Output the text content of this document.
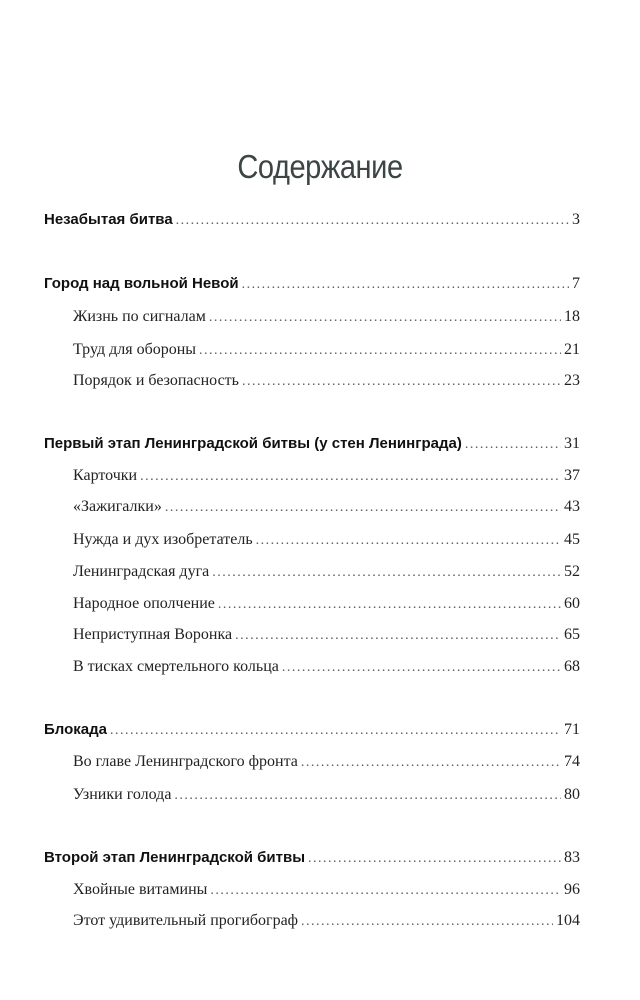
Содержание
Незабытая битва . . .	3
Город над вольной Невой . . .	7
Жизнь по сигналам . . .	18
Труд для обороны . . .	21
Порядок и безопасность . . .	23
Первый этап Ленинградской битвы (у стен Ленинграда) . . .	31
Карточки . . .	37
«Зажигалки» . . .	43
Нужда и дух изобретатель . . .	45
Ленинградская дуга . . .	52
Народное ополчение . . .	60
Неприступная Воронка . . .	65
В тисках смертельного кольца . . .	68
Блокада . . .	71
Во главе Ленинградского фронта . . .	74
Узники голода . . .	80
Второй этап Ленинградской битвы . . .	83
Хвойные витамины . . .	96
Этот удивительный прогибограф . . .	104
